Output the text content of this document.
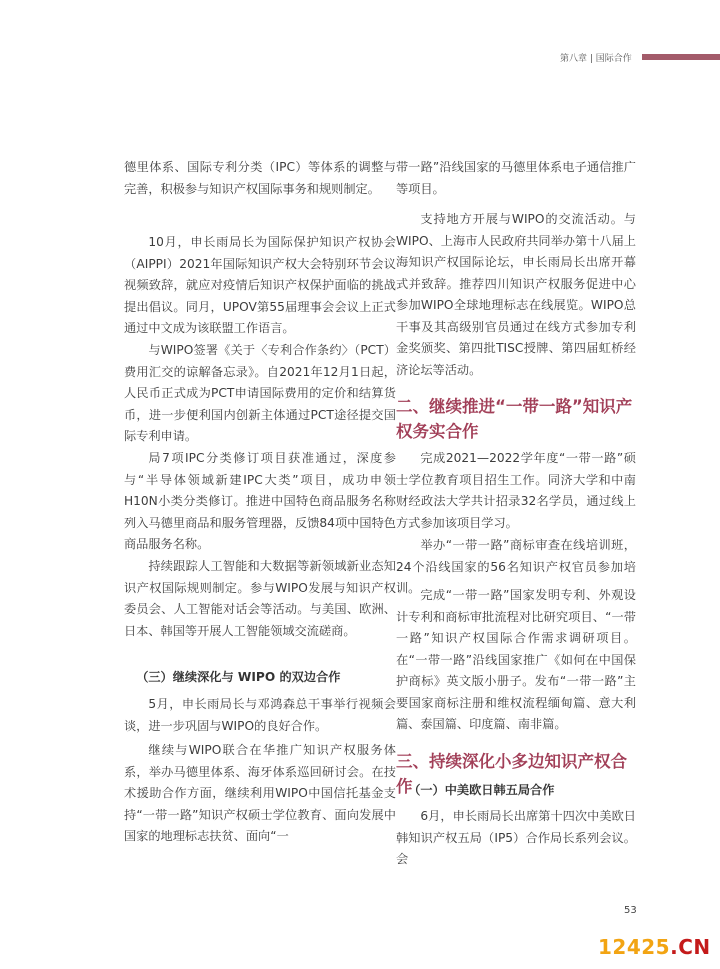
第八章 | 国际合作

德里体系、国际专利分类（IPC）等体系的调整与完善，积极参与知识产权国际事务和规则制定。

10月，申长雨局长为国际保护知识产权协会（AIPPI）2021年国际知识产权大会特别环节会议视频致辞，就应对疫情后知识产权保护面临的挑战提出倡议。同月，UPOV第55届理事会会议上正式通过中文成为该联盟工作语言。

与WIPO签署《关于〈专利合作条约〉（PCT）费用汇交的谅解备忘录》。自2021年12月1日起，人民币正式成为PCT申请国际费用的定价和结算货币，进一步便利国内创新主体通过PCT途径提交国际专利申请。

局7项IPC分类修订项目获准通过，深度参与“半导体领域新建IPC大类”项目，成功申领H10N小类分类修订。推进中国特色商品服务名称列入马德里商品和服务管理器，反馈84项中国特色商品服务名称。

持续跟踪人工智能和大数据等新领域新业态知识产权国际规则制定。参与WIPO发展与知识产权委员会、人工智能对话会等活动。与美国、欧洲、日本、韩国等开展人工智能领域交流磋商。

（三）继续深化与 WIPO 的双边合作

5月，申长雨局长与邓鸿森总干事举行视频会谈，进一步巩固与WIPO的良好合作。

继续与WIPO联合在华推广知识产权服务体系，举办马德里体系、海牙体系巡回研讨会。在技术援助合作方面，继续利用WIPO中国信托基金支持“一带一路”知识产权硕士学位教育、面向发展中国家的地理标志扶贫、面向“一

带一路”沿线国家的马德里体系电子通信推广等项目。

支持地方开展与WIPO的交流活动。与WIPO、上海市人民政府共同举办第十八届上海知识产权国际论坛，申长雨局长出席开幕式并致辞。推荐四川知识产权服务促进中心参加WIPO全球地理标志在线展览。WIPO总干事及其高级别官员通过在线方式参加专利金奖颁奖、第四批TISC授牌、第四届虹桥经济论坛等活动。

二、继续推进“一带一路”知识产权务实合作

完成2021—2022学年度“一带一路”硕士学位教育项目招生工作。同济大学和中南财经政法大学共计招录32名学员，通过线上方式参加该项目学习。

举办“一带一路”商标审查在线培训班，24个沿线国家的56名知识产权官员参加培训。 完成“一带一路”国家发明专利、外观设计专利和商标审批流程对比研究项目、“一带一路”知识产权国际合作需求调研项目。在“一带一路”沿线国家推广《如何在中国保护商标》英文版小册子。发布“一带一路”主要国家商标注册和维权流程缅甸篇、意大利篇、泰国篇、印度篇、南非篇。

三、持续深化小多边知识产权合作
（一）中美欧日韩五局合作

6月，申长雨局长出席第十四次中美欧日韩知识产权五局（IP5）合作局长系列会议。会

53
12425.CN
